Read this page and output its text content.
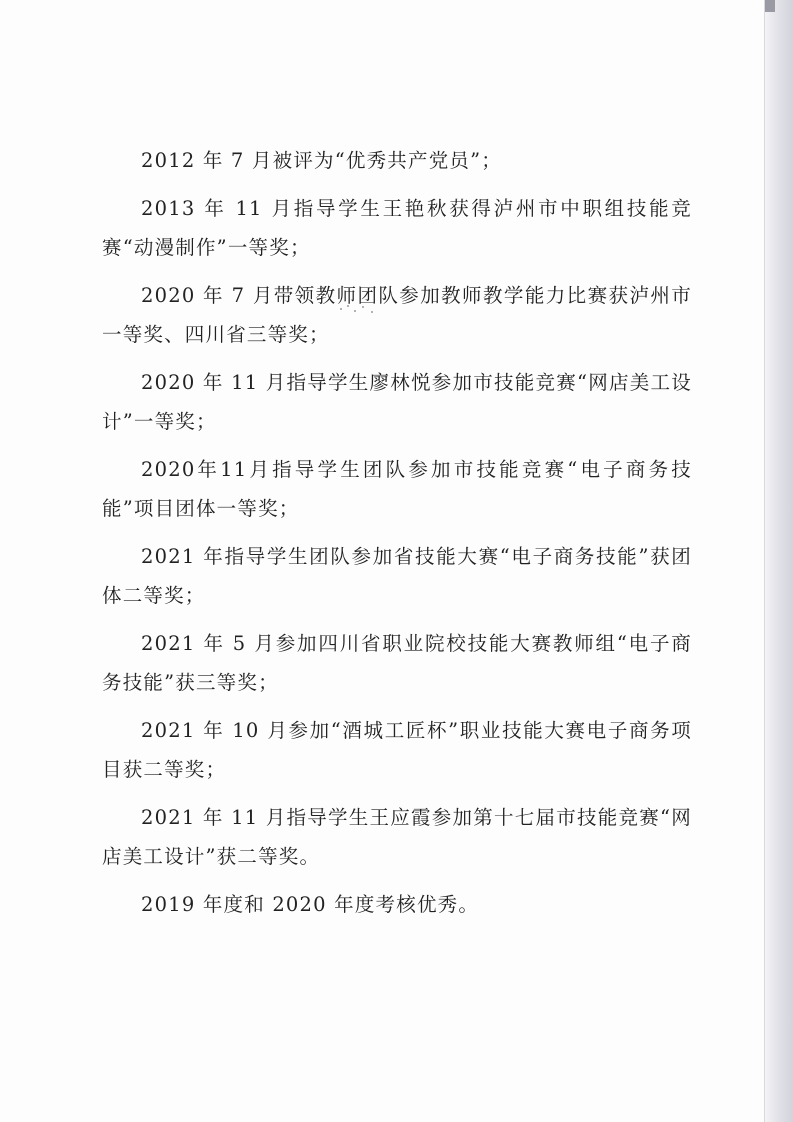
2012 年 7 月被评为“优秀共产党员”；

2013 年 11 月指导学生王艳秋获得泸州市中职组技能竞赛“动漫制作”一等奖；

2020 年 7 月带领教师团队参加教师教学能力比赛获泸州市一等奖、四川省三等奖；

2020 年 11 月指导学生廖林悦参加市技能竞赛“网店美工设计”一等奖；

2020年11月指导学生团队参加市技能竞赛“电子商务技能”项目团体一等奖；

2021 年指导学生团队参加省技能大赛“电子商务技能”获团体二等奖；

2021 年 5 月参加四川省职业院校技能大赛教师组“电子商务技能”获三等奖；

2021 年 10 月参加“酒城工匠杯”职业技能大赛电子商务项目获二等奖；

2021 年 11 月指导学生王应霞参加第十七届市技能竞赛“网店美工设计”获二等奖。

2019 年度和 2020 年度考核优秀。
